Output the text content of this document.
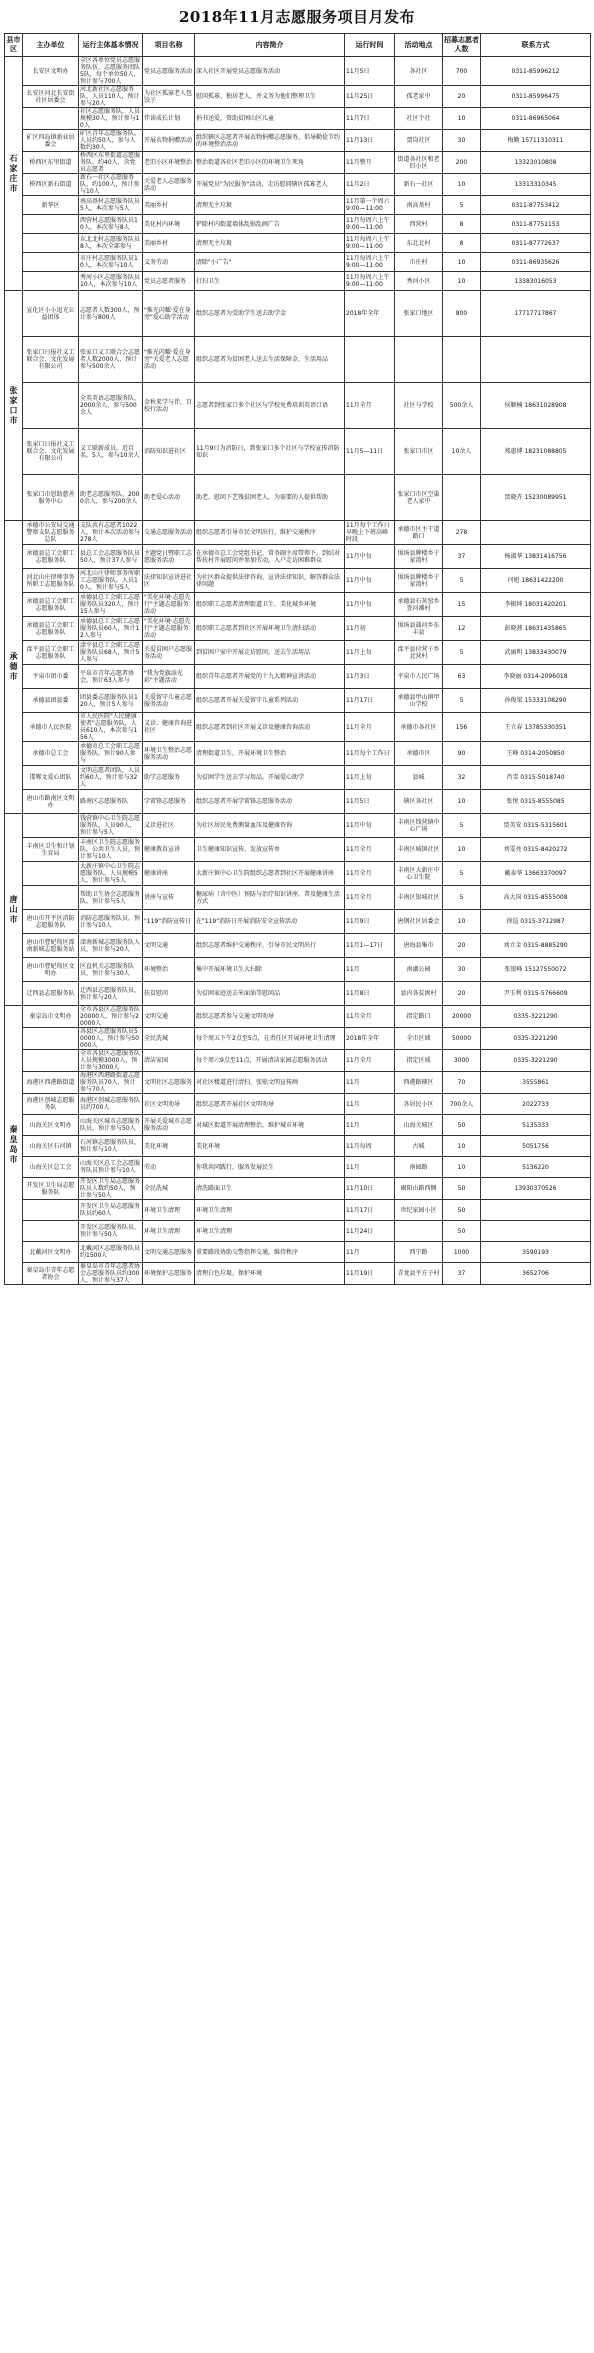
2018年11月志愿服务项目月发布
县市区	主办单位	运行主体基本情况	项目名称	内容简介	运行时间	活动地点	招募志愿者人数	联系方式
石家庄市	长安区文明办	全区各单位党员志愿服务队伍、志愿服务团队5队，每个单位50人，预计参与700人	党员志愿服务活动	深入社区开展党员志愿服务活动	11月5日	各社区	700	0311-85996212
	长安区河北长安街社区居委会	河北新社区志愿服务队，人员110人，预计参与20人	为社区孤寡老人包饺子	慰问孤寡、独居老人，并义务为他们整理卫生	11月25日	孤老家中	20	0311-85996475
		社区志愿服务队，人员规模30人，预计参与10人	伴读成长计划	捐书送爱，资助贫困山区儿童	11月7日	社区个社	10	0311-86965064
	矿区四岛镇新业居委会	矿区青年志愿服务队，人员约50人，参与人数约30人	开展衣物捐赠活动	组织辖区志愿者开展衣物捐赠志愿服务，倡导勤俭节约的环境整治活动	11月13日	贾岗社区	30	梅勤 15711310311
	桥西区东里街道	桥西区东里街道志愿服务队，约40人，含党员志愿者	老旧小区环境整治	整治街道各社区老旧小区的环境卫生死角	11月整月	街道各社区和老旧小区	200	13323010808
	桥西区新石街道	新石一社区志愿服务队，约100人，预计参与10人	关爱老人志愿服务活动	开展党员"为民服务"活动，走访慰问辖区孤寡老人	11月2日	新石一社区	10	13313310345
	新华区	南高基村志愿服务队员5人，本次参与5人	美丽乡村	清理无主垃圾	11月第一个周六9:00—11:00	南高基村	5	0311-87753412
		西营村志愿服务队员10人，本次参与8人	美化村内环境	铲除村内街道墙体乱贴乱画广告	11月每周六上午9:00—11:00	西营村	8	0311-87751153
		东北北村志愿服务队员8人，本次全部参与	美丽乡村	清理无主垃圾	11月每周六上午9:00—11:00	东北北村	8	0311-87772637
		市庄村志愿服务队员10人，本次参与10人	义务劳动	清除"小广告"	11月每周六上午9:00—11:00	市庄村	10	0311-86935626
		秀河小区志愿服务队员10人，本次参与10人	党员志愿者服务	打扫卫生	11月每周六上午9:00—11:00	秀河小区	10	13383016053
张家口市	宣化区小小追光公益团体	志愿者人数300人，预计参与800人	"推光闪耀·爱在身旁"爱心助学活动	组织志愿者为受助学生送去助学金	2018年全年	张家口地区	800	17717717867
	张家口日报社义工联合会、文化发展有限公司	张家口义工联合会志愿者人数2000人，预计参与500余人	"推光闪耀·爱在身旁"关爱老人志愿活动	组织志愿者为贫困老人送去生活保障金、生活用品				
		全英英语志愿服务队，2000余人，参与500余人	金秋来学与伴，百校行活动	志愿者到张家口多个社区与学校免费培训英语口语	11月全月	社区与学校	500余人	侯颖楠 18631028908
	张家口日报社义工联合会、文化发展有限公司	义工联新成员，近百名，5人，参与10余人	消防知识进社区	11月9日为消防日，到张家口多个社区与学校宣传消防知识	11月5—11日	张家口市区	10余人	郑惠博 18231088805
	张家口市恩助慈善服务中心	助老志愿服务队，2000余人，参与200余人	助老爱心活动	助老，慰问下艺残贫困老人，为需要的人提供帮助		张家口市区空巢老人家中		贾晓卉 15230089951
承德市	承德市公安局交通警察支队志愿服务总队	支队共有志愿者1022人，预计本次活动参与278人	交通志愿服务活动	组织志愿者引导市民文明出行，维护交通秩序	11月每个工作日早晚上下班高峰时段	承德市区主干道路口	278	
	承德县总工会职工志愿服务队	县总工会志愿服务队员50人，预计37人参与	主题党日暨职工志愿服务活动	在承德市总工会党组书记、常务副主席带领下，到结对帮扶村开展慰问并参加劳动，入户走访困难群众	11月中旬	围场县牌楼乡于家湾村	37	杨淑华 13831416756
	河北山庄律师事务所职工志愿服务队	河北山庄律师事务所职工志愿服务队，人员10人，预计参与5人	法律知识宣讲进社区	为社区群众提供法律咨询，宣讲法律知识，解答群众法律问题	11月中旬	围场县牌楼乡于家湾村	5	闫旭 18631422200
	承德县总工会职工志愿服务队	承德县总工会职工志愿服务队员320人，预计15人参与	"美化环境·志愿先行"主题志愿服务活动	组织职工志愿者清理街道卫生，美化城乡环境	11月中旬	承德县石灰窑乡查河滩村	15	李振坤 18031420201
	承德县总工会职工志愿服务队	承德县总工会职工志愿服务队员60人，预计12人参与	"美化环境·志愿先行"主题志愿服务活动	组织职工志愿者到社区开展环境卫生清扫活动	11月初	围场县蒲河乡东丰县	12	彭晓燕 18631435865
	滦平县总工会职工志愿服务队	滦平县总工会职工志愿服务队员68人，预计5人参与	关爱贫困户志愿服务活动	到贫困户家中开展走访慰问，送去生活用品	11月上旬	滦平县付营子乡北营村	5	武丽明 13833430079
	平泉市团市委	平泉市青年志愿者协会，预计63人参与	"我为党旗添光彩"主题活动	组织青年志愿者开展党的十九大精神宣讲活动	11月3日	平泉市人民广场	63	李晓丽 0314-2096018
	承德县团县委	团县委志愿服务队员120人，预计5人参与	关爱留守儿童志愿服务活动	组织志愿者开展关爱留守儿童系列活动	11月17日	承德县甲山镇甲山学校	5	孙俊梁 15333108290
	承德市人民医院	市人民医院"人民健康使者"志愿服务队，人员610人，本次参与156人	义诊、健康咨询进社区	组织志愿者到社区开展义诊及健康咨询活动	11月全月	承德市各社区	156	王立春 13785330351
	承德市总工会	承德市总工会职工志愿服务队，预计90人参与	环境卫生整治志愿服务活动	清理街道卫生，开展环境卫生整治	11月每个工作日	承德市区	90	王峰 0314-2050850
	邯郸文爱心团队	文明志愿者团队，人员约60人，预计参与32人	助学志愿服务	为贫困学生送去学习用品，开展爱心助学	11月上旬	县城	32	肖雪 0315-5018740
	唐山市路南区文明办	路南区志愿服务队	学雷锋志愿服务	组织志愿者开展学雷锋志愿服务活动	11月5日	辖区各社区	10	张悦 0315-8555085
唐山市		钱营镇中心卫生院志愿服务队，人员90人，预计参与5人	义诊进社区	为社区居民免费测量血压及健康咨询	11月中旬	丰南区钱营镇中心广场	5	贾英安 0315-5315601
	丰南区卫生和计划生育局	丰南区卫生院志愿服务队，公共卫生人员，预计参与10人	健康教育宣讲	卫生健康知识宣传，发放宣传单	11月全月	丰南区城镇社区	10	刘雯亮 0315-8420272
		大新庄镇中心卫生院志愿服务队，人员规模5人，预计参与5人	健康讲座	大新庄镇中心卫生院组织志愿者到社区开展健康讲座	11月全月	丰南区大新庄中心卫生院	5	戴泰华 13663370097
		帮助卫生协会志愿服务队，预计参与5人	讲座与宣传	糖尿病（含中医）预防与治疗知识讲座，普及健康生活方式	11月全月	丰南区银城社区	5	高大国 0315-8555008
	唐山市开平区消防志愿服务队	消防志愿服务队员，预计参与10人	"119"消防宣传日	在"119"消防日开展消防安全宣传活动	11月9日	唐钢社区居委会	10	徐巡 0315-3712987
	唐山市曹妃甸区滦南新城志愿服务站	滦南新城志愿服务队人员，预计参与20人	文明交通	组织志愿者维护交通秩序，引导市民文明出行	11月1—17日	唐海县集市	20	刘立金 0315-8885290
	唐山市曹妃甸区文明办	区直机关志愿服务队员，预计参与30人	环境整治	集中开展环境卫生大扫除	11月	南湖公园	30	张银峰 15127550072
	迁西县志愿服务队	迁西县志愿服务队员，预计参与20人	扶贫慰问	为贫困家庭送去米面油等慰问品	11月8日	县内各贫困村	20	尹玉利 0315-5766609
秦皇岛市	秦皇岛市文明办	全市各县区志愿服务队20000人，预计参与20000人	文明交通	组织志愿者参与交通文明劝导	11月全月	指定路口	20000	0335-3221290
		各县区志愿服务队员50000人，预计参与50000人	全民洗城	每个周五下午2点至5点，在责任区开展环境卫生清理	2018年全年	全市区域	50000	0335-3221290
		全市各县区志愿服务队人员规模3000人，预计参与3000人	清洁家园	每个周六9点至11点，开展清洁家园志愿服务活动	11月全月	指定区域	3000	0335-3221290
	海港区西港路街道	海港区西港路街道志愿服务队员70人，预计参与70人	文明社区志愿服务	对社区楼道进行清扫，张贴文明宣传画	11月	西港路辖区	70	3555861
	海港区创城志愿服务队	海港区创城志愿服务队员约700人	社区文明劝导	组织志愿者开展社区文明劝导	11月	各居民小区	700余人	2022733
	山海关区文明办	山海关区城市志愿服务队员，预计参与50人	开展关爱城市志愿服务活动	对城区街道开展清理整治，维护城市环境	11月	山海关城区	50	5135333
	山海关区石河镇	石河镇志愿服务队员，预计参与10人	美化环境	美化环境	11月每周	古城	10	5051756
	山海关区总工会	山海关区总工会志愿服务队员预计参与10人	劳动	你我共同践行，服务发展民生	11月	南园路	10	5136220
	开发区卫生局志愿服务队	开发区卫生局志愿服务队员人数约50人，预计参与50人	全民洗城	清洗路面卫生	11月10日	碣阳山路西侧	50	13930370526
		开发区卫生局志愿服务队员约60人	环境卫生清理	环境卫生清理	11月17日	世纪家园小区	50	
		开发区志愿服务队员，预计参与50人	环境卫生清理	环境卫生清理	11月24日		50	
	北戴河区文明办	北戴河区志愿服务队员约1500人	文明交通志愿服务	重要路段协助交警指挥交通，维持秩序	11月	西宁路	1000	3590193
	秦皇岛市青年志愿者协会	秦皇岛市青年志愿者协会志愿服务队员约300人，预计参与37人	环境保护志愿服务	清理白色垃圾，保护环境	11月19日	青龙县平方子村	37	3652706
